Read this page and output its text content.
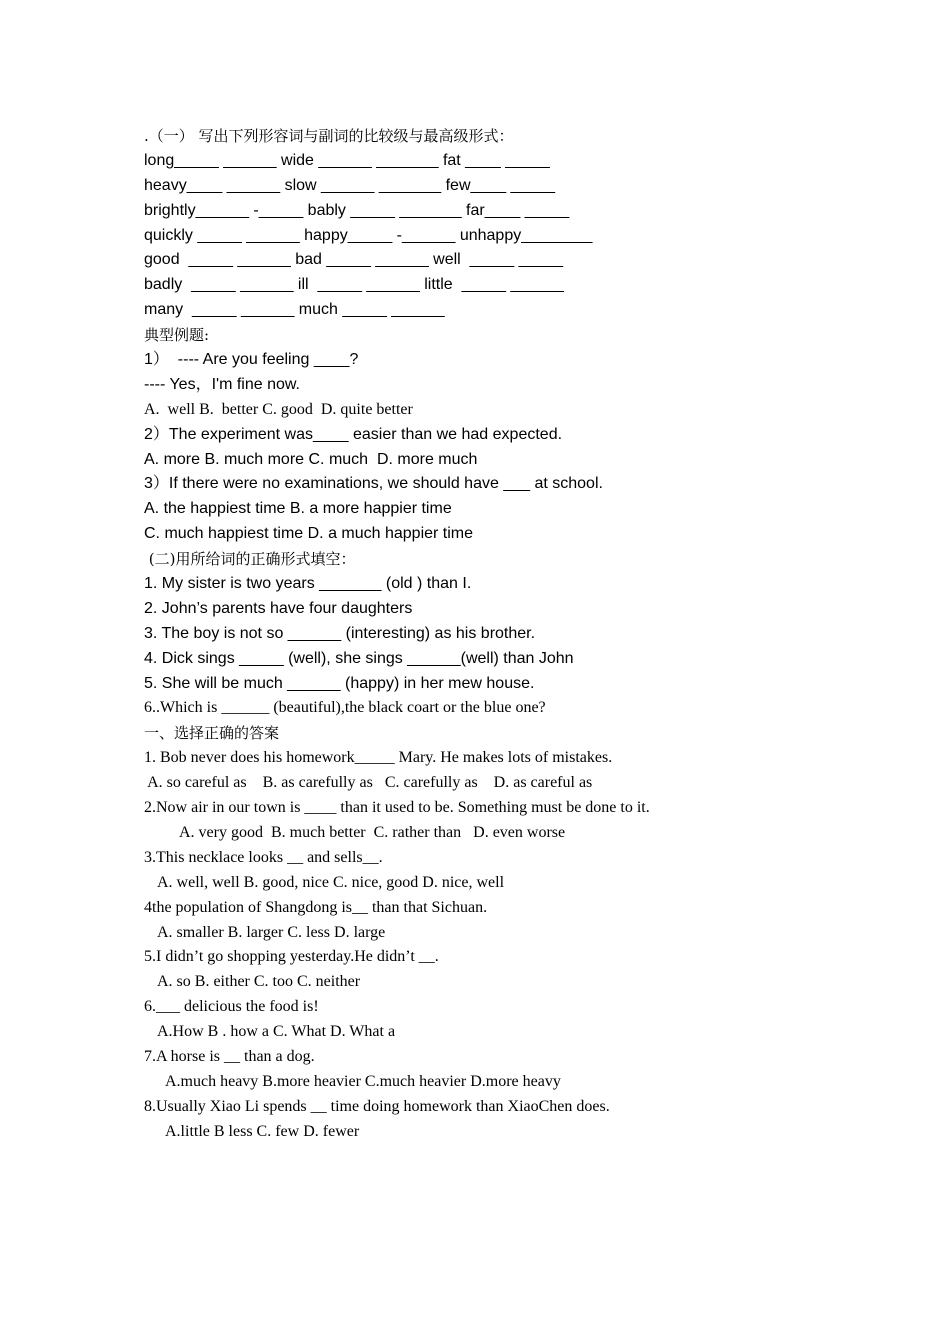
.（一） 写出下列形容词与副词的比较级与最高级形式：
long_____ ______ wide ______ _______ fat ____ _____
heavy____ ______ slow ______ _______ few____ _____
brightly______ -_____ bably _____ _______ far____ _____
quickly _____ ______ happy_____ -______ unhappy________
good  _____ ______ bad _____ ______ well  _____ _____
badly  _____ ______ ill  _____ ______ little  _____ ______
many  _____ ______ much _____ ______
典型例题:
1）  ---- Are you feeling ____?
---- Yes，I'm fine now.
A.  well B.  better C. good  D. quite better
2）The experiment was____ easier than we had expected.
A. more B. much more C. much  D. more much
3）If there were no examinations, we should have ___ at school.
A. the happiest time B. a more happier time
C. much happiest time D. a much happier time
(二)用所给词的正确形式填空：
1. My sister is two years _______ (old ) than I.
2. John’s parents have four daughters
3. The boy is not so ______ (interesting) as his brother.
4. Dick sings _____ (well), she sings ______(well) than John
5. She will be much ______ (happy) in her mew house.
6..Which is ______ (beautiful),the black coart or the blue one?
一、选择正确的答案
1. Bob never does his homework_____ Mary. He makes lots of mistakes.
A. so careful as    B. as carefully as   C. carefully as    D. as careful as
2.Now air in our town is ____ than it used to be. Something must be done to it.
A. very good  B. much better  C. rather than   D. even worse
3.This necklace looks __ and sells__.
A. well, well B. good, nice C. nice, good D. nice, well
4the population of Shangdong is__ than that Sichuan.
A. smaller B. larger C. less D. large
5.I didn’t go shopping yesterday.He didn’t __.
A. so B. either C. too C. neither
6.___ delicious the food is!
A.How B . how a C. What D. What a
7.A horse is __ than a dog.
A.much heavy B.more heavier C.much heavier D.more heavy
8.Usually Xiao Li spends __ time doing homework than XiaoChen does.
A.little B less C. few D. fewer
